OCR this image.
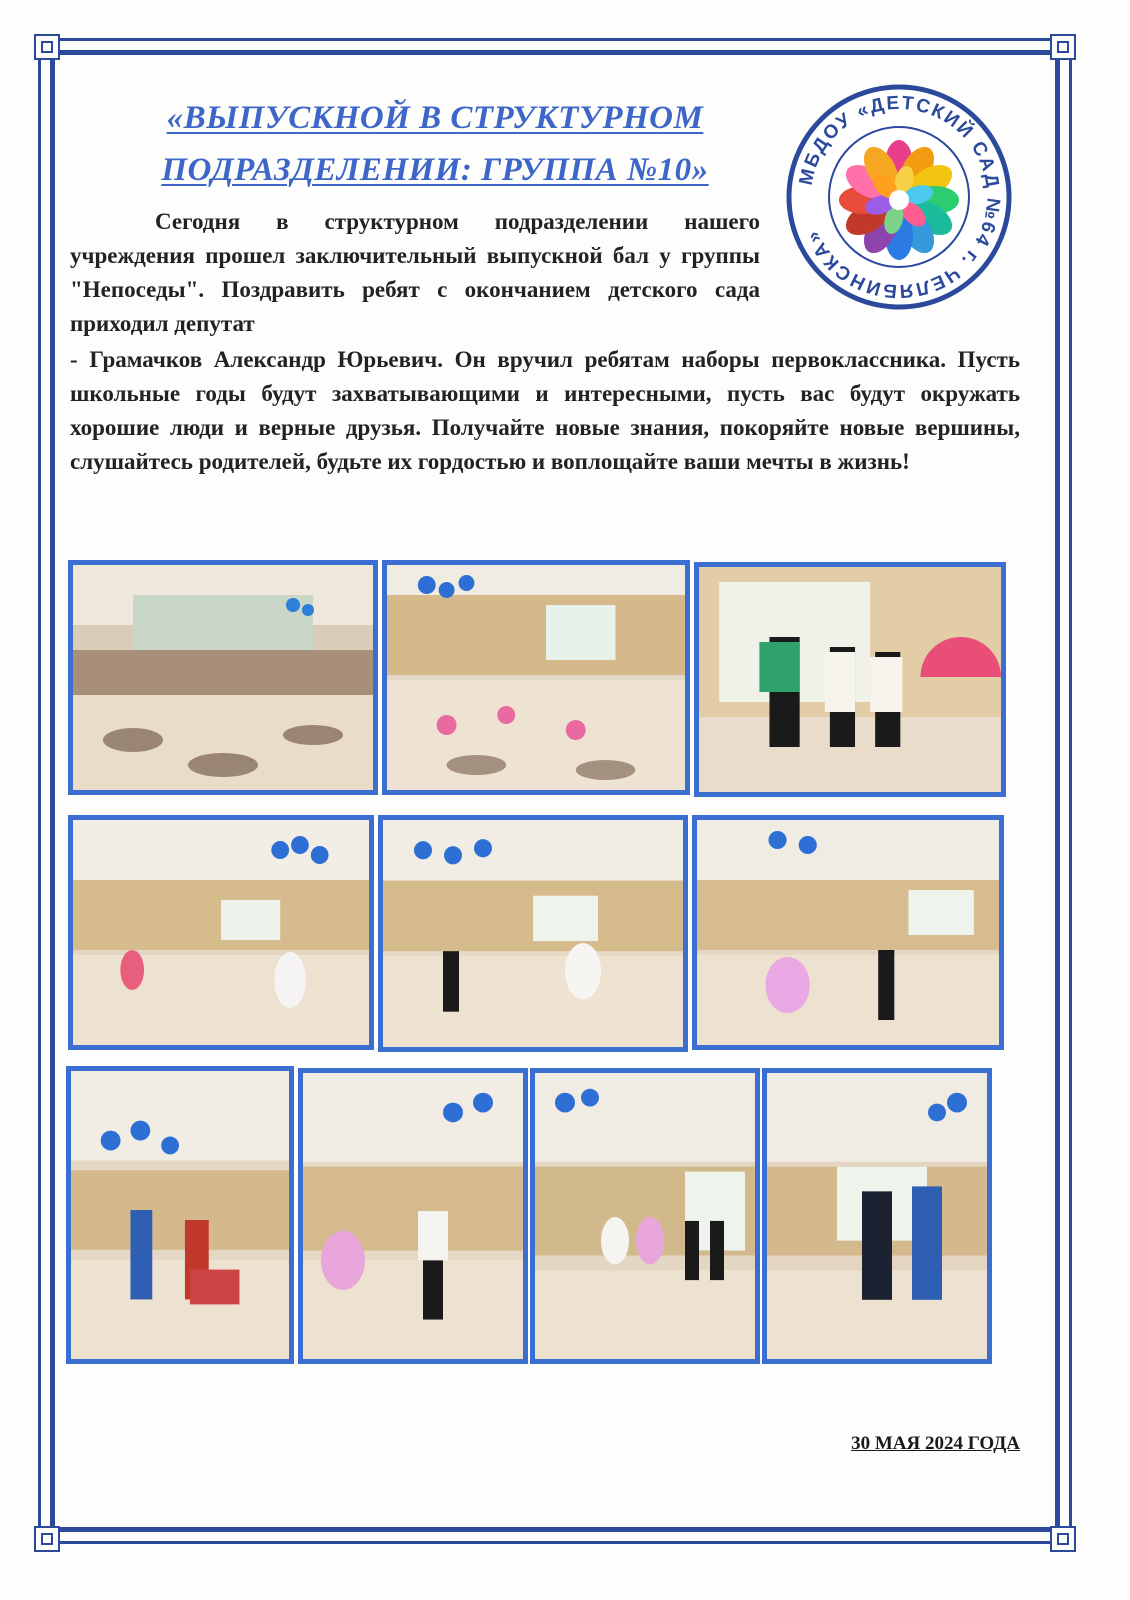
«ВЫПУСКНОЙ В СТРУКТУРНОМ
ПОДРАЗДЕЛЕНИИ: ГРУППА №10»	МБДОУ «ДЕТСКИЙ САД №64 г. ЧЕЛЯБИНСКА»

Сегодня в структурном подразделении нашего учреждения прошел заключительный выпускной бал у группы "Непоседы". Поздравить ребят с окончанием детского сада приходил депутат

- Грамачков Александр Юрьевич. Он вручил ребятам наборы первоклассника. Пусть школьные годы будут захватывающими и интересными, пусть вас будут окружать хорошие люди и верные друзья. Получайте новые знания, покоряйте новые вершины, слушайтесь родителей, будьте их гордостью и воплощайте ваши мечты в жизнь!

30 МАЯ 2024 ГОДА
